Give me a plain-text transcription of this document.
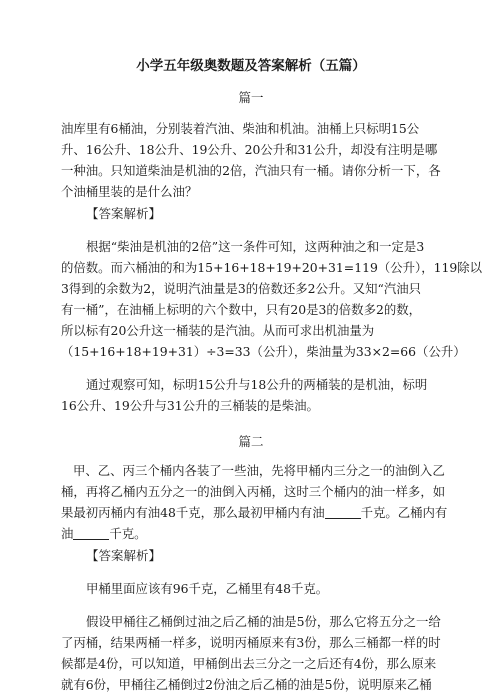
小学五年级奥数题及答案解析（五篇）
篇一
油库里有6桶油，分别装着汽油、柴油和机油。油桶上只标明15公
升、16公升、18公升、19公升、20公升和31公升，却没有注明是哪
一种油。只知道柴油是机油的2倍，汽油只有一桶。请你分析一下，各
个油桶里装的是什么油？
【答案解析】
根据“柴油是机油的2倍”这一条件可知，这两种油之和一定是3
的倍数。而六桶油的和为15+16+18+19+20+31=119（公升），119除以
3得到的余数为2，说明汽油量是3的倍数还多2公升。又知“汽油只
有一桶”，在油桶上标明的六个数中，只有20是3的倍数多2的数，
所以标有20公升这一桶装的是汽油。从而可求出机油量为
（15+16+18+19+31）÷3=33（公升），柴油量为33×2=66（公升）
通过观察可知，标明15公升与18公升的两桶装的是机油，标明
16公升、19公升与31公升的三桶装的是柴油。
篇二
甲、乙、丙三个桶内各装了一些油，先将甲桶内三分之一的油倒入乙
桶，再将乙桶内五分之一的油倒入丙桶，这时三个桶内的油一样多，如
果最初丙桶内有油48千克，那么最初甲桶内有油	千克。乙桶内有
油	千克。
【答案解析】
甲桶里面应该有96千克，乙桶里有48千克。
假设甲桶往乙桶倒过油之后乙桶的油是5份，那么它将五分之一给
了丙桶，结果两桶一样多，说明丙桶原来有3份，那么三桶都一样的时
候都是4份，可以知道，甲桶倒出去三分之一之后还有4份，那么原来
就有6份，甲桶往乙桶倒过2份油之后乙桶的油是5份，说明原来乙桶
